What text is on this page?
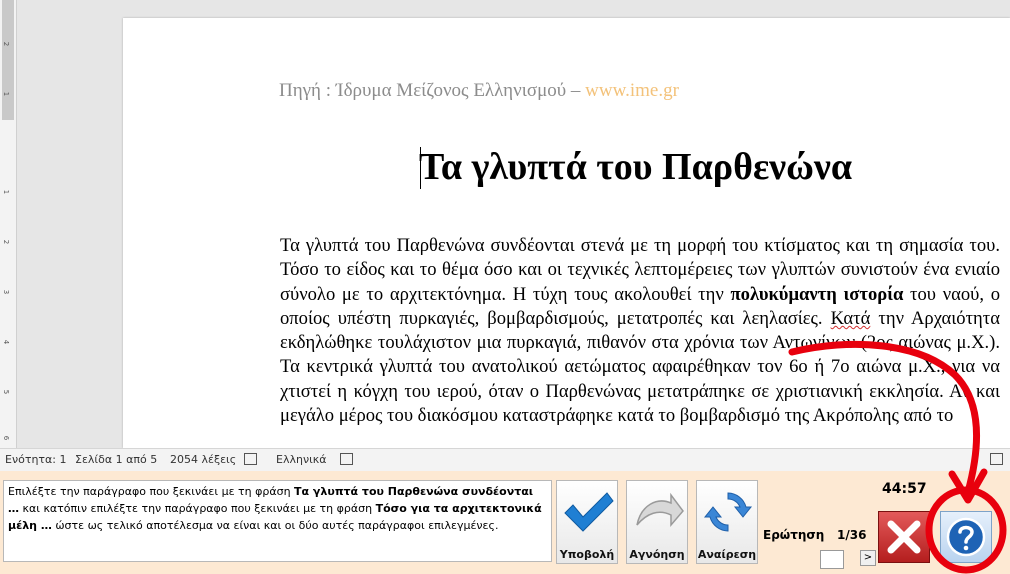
2
1
1
2
3
4
5
6
Πηγή : Ίδρυμα Μείζονος Ελληνισμού – www.ime.gr
Τα γλυπτά του Παρθενώνα
Τα γλυπτά του Παρθενώνα συνδέονται στενά με τη μορφή του κτίσματος και τη σημασία του. Τόσο το είδος και το θέμα όσο και οι τεχνικές λεπτομέρειες των γλυπτών συνιστούν ένα ενιαίο σύνολο με το αρχιτεκτόνημα. Η τύχη τους ακολουθεί την πολυκύμαντη ιστορία του ναού, ο οποίος υπέστη πυρκαγιές, βομβαρδισμούς, μετατροπές και λεηλασίες. Κατά την Αρχαιότητα εκδηλώθηκε τουλάχιστον μια πυρκαγιά, πιθανόν στα χρόνια των Αντωνίνων (2ος αιώνας μ.Χ.). Τα κεντρικά γλυπτά του ανατολικού αετώματος αφαιρέθηκαν τον 6ο ή 7ο αιώνα μ.Χ., για να χτιστεί η κόγχη του ιερού, όταν ο Παρθενώνας μετατράπηκε σε χριστιανική εκκλησία. Αν και μεγάλο μέρος του διακόσμου καταστράφηκε κατά το βομβαρδισμό της Ακρόπολης από το
Ενότητα: 1 Σελίδα 1 από 5 2054 λέξεις	Ελληνικά
Επιλέξτε την παράγραφο που ξεκινάει με τη φράση Τα γλυπτά του Παρθενώνα συνδέονται … και κατόπιν επιλέξτε την παράγραφο που ξεκινάει με τη φράση Τόσο για τα αρχιτεκτονικά μέλη … ώστε ως τελικό αποτέλεσμα να είναι και οι δύο αυτές παράγραφοι επιλεγμένες.
Υποβολή Αγνόηση Αναίρεση
44:57
Ερώτηση 1/36
>
